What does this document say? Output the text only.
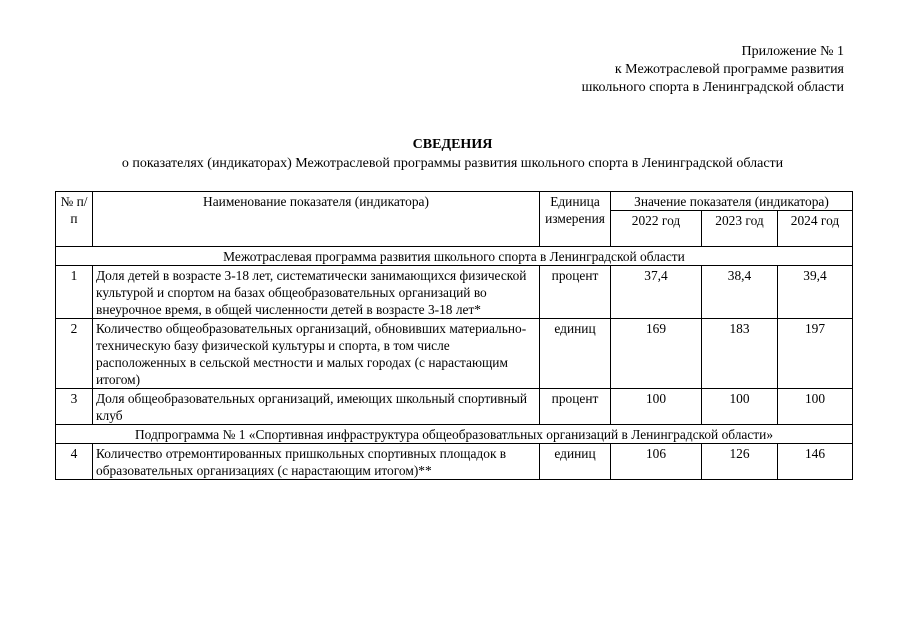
Приложение № 1
к Межотраслевой программе развития
школьного спорта в Ленинградской области
СВЕДЕНИЯ
о показателях (индикаторах) Межотраслевой программы развития школьного спорта в Ленинградской области
№ п/п	Наименование показателя (индикатора)	Единица измерения	Значение показателя (индикатора)		
			2022 год	2023 год	2024 год
Межотраслевая программа развития школьного спорта в Ленинградской области					
1	Доля детей в возрасте 3-18 лет, систематически занимающихся физической культурой и спортом на базах общеобразовательных организаций во внеурочное время, в общей численности детей в возрасте 3-18 лет*	процент	37,4	38,4	39,4
2	Количество общеобразовательных организаций, обновивших материально-техническую базу физической культуры и спорта, в том числе расположенных в сельской местности и малых городах (с нарастающим итогом)	единиц	169	183	197
3	Доля общеобразовательных организаций, имеющих школьный спортивный клуб	процент	100	100	100
Подпрограмма № 1 «Спортивная инфраструктура общеобразоватльных организаций в Ленинградской области»					
4	Количество отремонтированных пришкольных спортивных площадок в образовательных организациях (с нарастающим итогом)**	единиц	106	126	146
